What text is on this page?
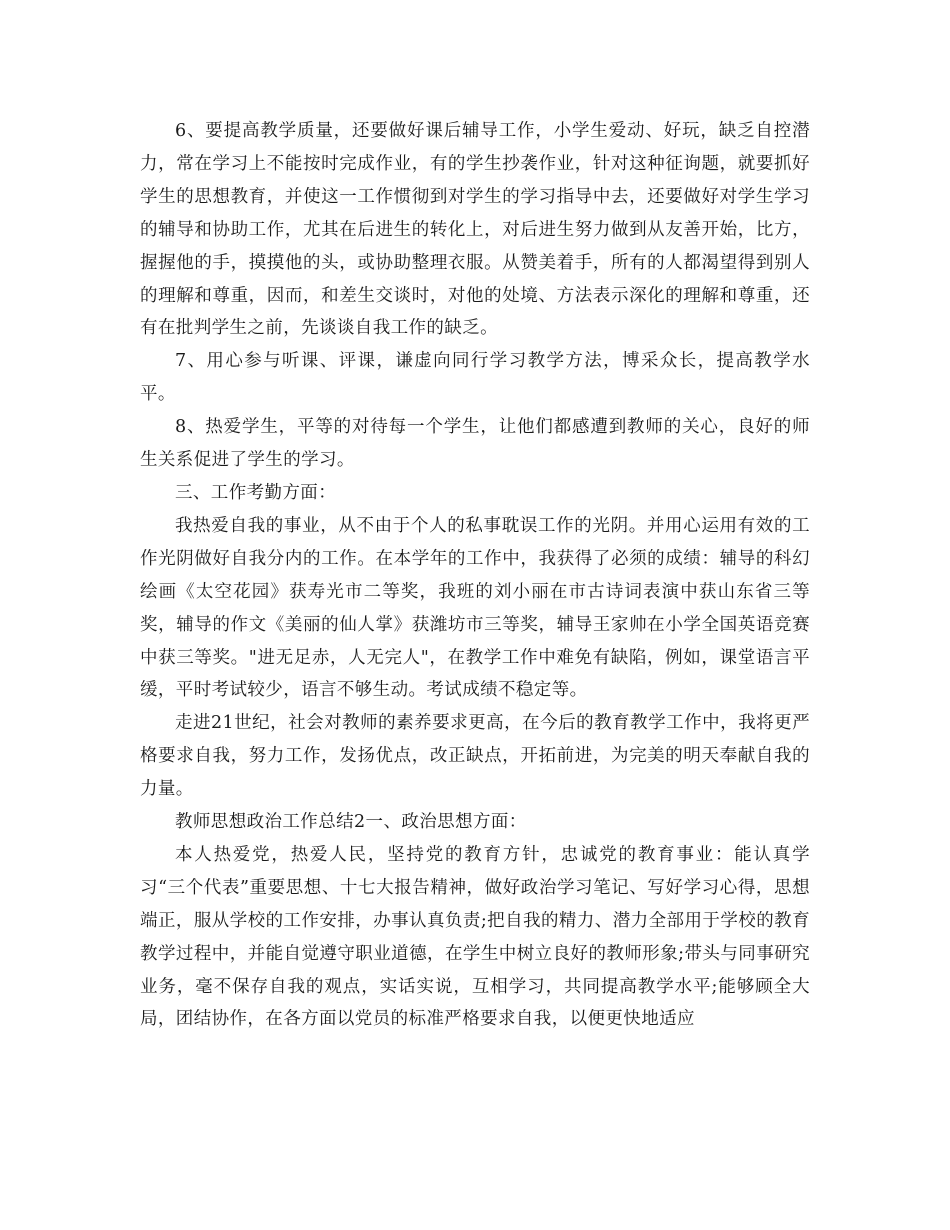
6、要提高教学质量，还要做好课后辅导工作，小学生爱动、好玩，缺乏自控潜力，常在学习上不能按时完成作业，有的学生抄袭作业，针对这种征询题，就要抓好学生的思想教育，并使这一工作惯彻到对学生的学习指导中去，还要做好对学生学习的辅导和协助工作，尤其在后进生的转化上，对后进生努力做到从友善开始，比方，握握他的手，摸摸他的头，或协助整理衣服。从赞美着手，所有的人都渴望得到别人的理解和尊重，因而，和差生交谈时，对他的处境、方法表示深化的理解和尊重，还有在批判学生之前，先谈谈自我工作的缺乏。

7、用心参与听课、评课，谦虚向同行学习教学方法，博采众长，提高教学水平。

8、热爱学生，平等的对待每一个学生，让他们都感遭到教师的关心，良好的师生关系促进了学生的学习。

三、工作考勤方面：

我热爱自我的事业，从不由于个人的私事耽误工作的光阴。并用心运用有效的工作光阴做好自我分内的工作。在本学年的工作中，我获得了必须的成绩：辅导的科幻绘画《太空花园》获寿光市二等奖，我班的刘小丽在市古诗词表演中获山东省三等奖，辅导的作文《美丽的仙人掌》获潍坊市三等奖，辅导王家帅在小学全国英语竞赛中获三等奖。"进无足赤，人无完人"，在教学工作中难免有缺陷，例如，课堂语言平缓，平时考试较少，语言不够生动。考试成绩不稳定等。

走进21世纪，社会对教师的素养要求更高，在今后的教育教学工作中，我将更严格要求自我，努力工作，发扬优点，改正缺点，开拓前进，为完美的明天奉献自我的力量。

教师思想政治工作总结2一、政治思想方面：

本人热爱党，热爱人民，坚持党的教育方针，忠诚党的教育事业：能认真学习“三个代表”重要思想、十七大报告精神，做好政治学习笔记、写好学习心得，思想端正，服从学校的工作安排，办事认真负责;把自我的精力、潜力全部用于学校的教育教学过程中，并能自觉遵守职业道德，在学生中树立良好的教师形象;带头与同事研究业务，毫不保存自我的观点，实话实说，互相学习，共同提高教学水平;能够顾全大局，团结协作，在各方面以党员的标准严格要求自我，以便更快地适应
